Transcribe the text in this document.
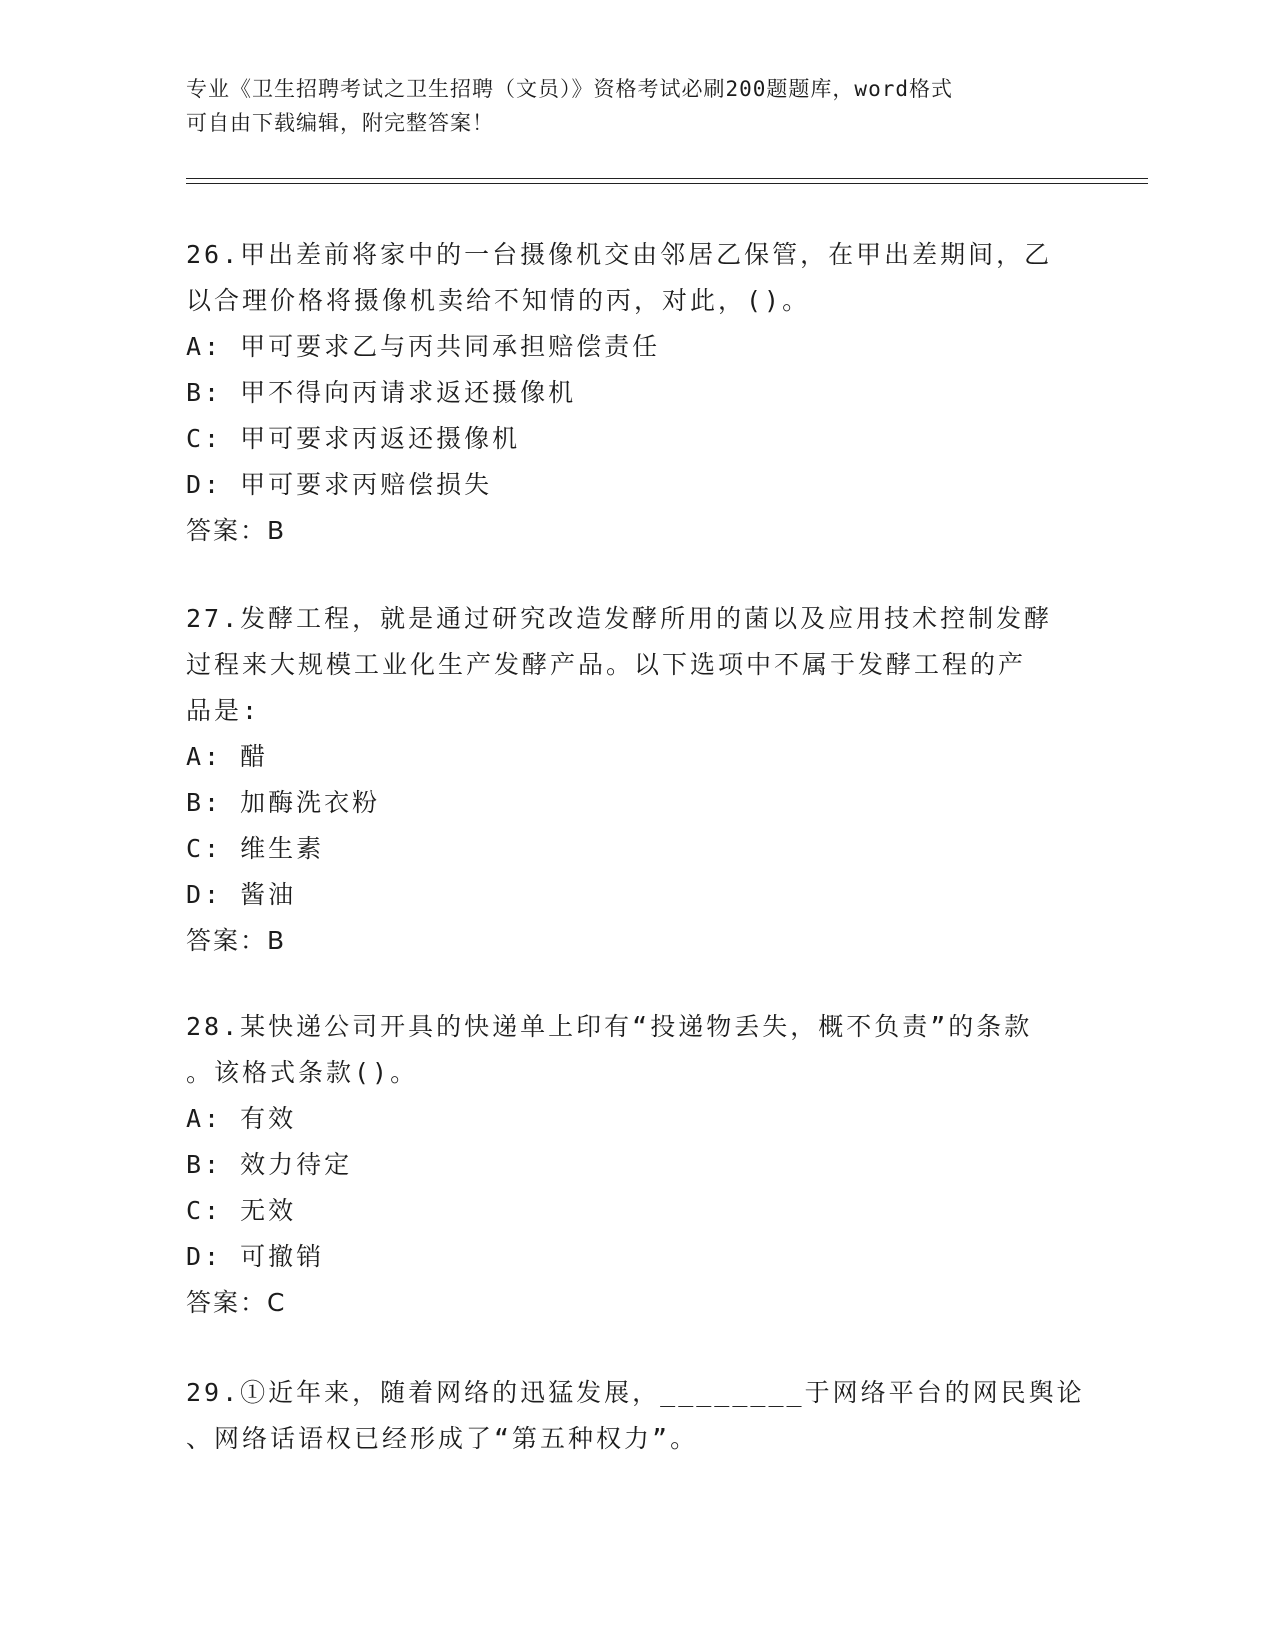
专业《卫生招聘考试之卫生招聘（文员）》资格考试必刷200题题库，word格式
可自由下载编辑，附完整答案！

26.甲出差前将家中的一台摄像机交由邻居乙保管，在甲出差期间，乙

以合理价格将摄像机卖给不知情的丙，对此，()。

A: 甲可要求乙与丙共同承担赔偿责任

B: 甲不得向丙请求返还摄像机

C: 甲可要求丙返还摄像机

D: 甲可要求丙赔偿损失

答案：B

27.发酵工程，就是通过研究改造发酵所用的菌以及应用技术控制发酵

过程来大规模工业化生产发酵产品。以下选项中不属于发酵工程的产

品是:

A: 醋

B: 加酶洗衣粉

C: 维生素

D: 酱油

答案：B

28.某快递公司开具的快递单上印有“投递物丢失，概不负责”的条款

。该格式条款()。

A: 有效

B: 效力待定

C: 无效

D: 可撤销

答案：C

29.①近年来，随着网络的迅猛发展，________于网络平台的网民舆论

、网络话语权已经形成了“第五种权力”。
